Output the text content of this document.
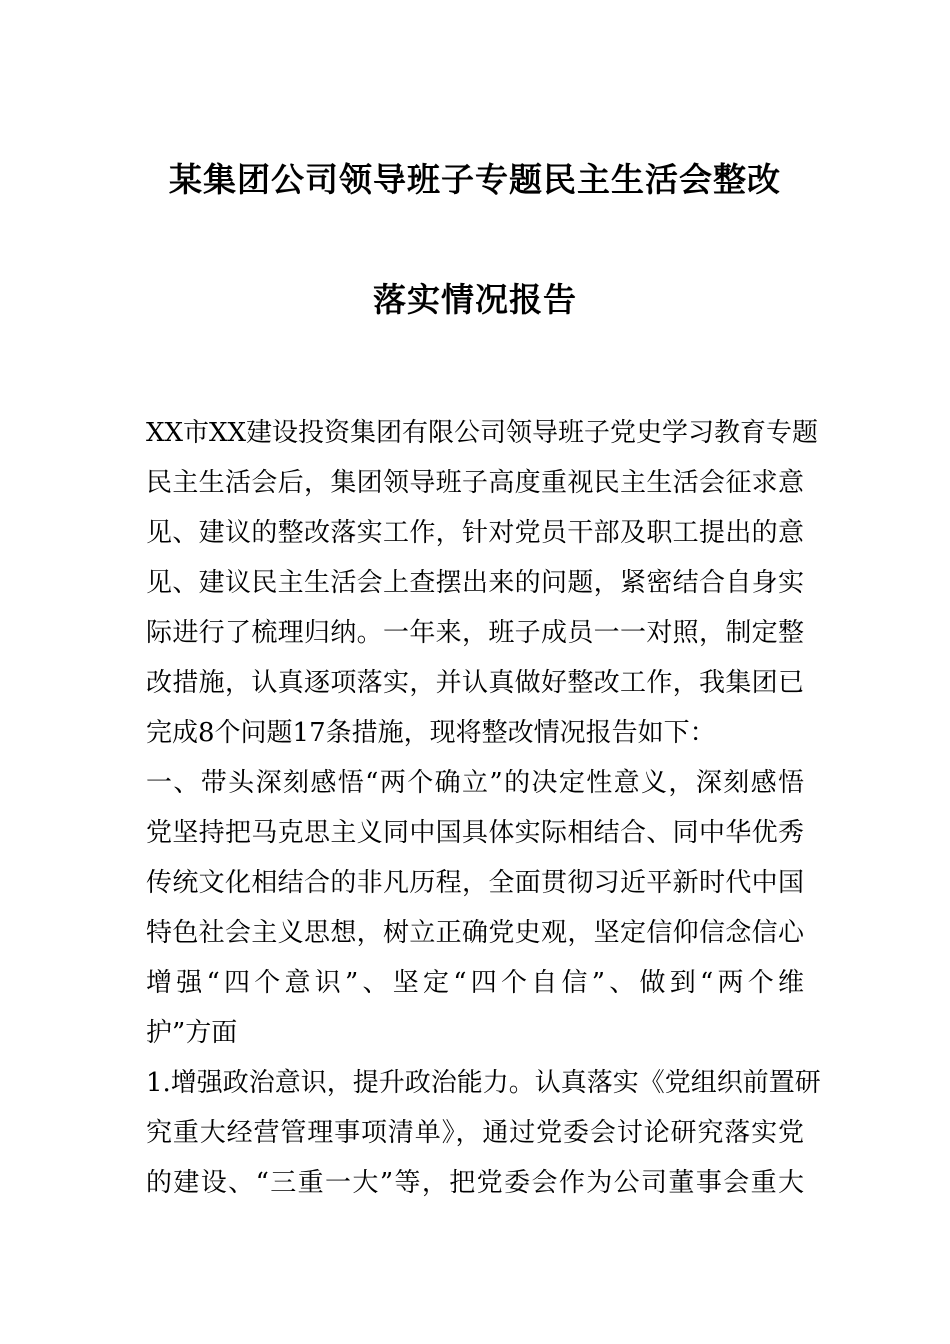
某集团公司领导班子专题民主生活会整改
落实情况报告
XX市XX建设投资集团有限公司领导班子党史学习教育专题
民主生活会后，集团领导班子高度重视民主生活会征求意
见、建议的整改落实工作，针对党员干部及职工提出的意
见、建议民主生活会上查摆出来的问题，紧密结合自身实
际进行了梳理归纳。一年来，班子成员一一对照，制定整
改措施，认真逐项落实，并认真做好整改工作，我集团已
完成8个问题17条措施，现将整改情况报告如下：
一、带头深刻感悟“两个确立”的决定性意义，深刻感悟
党坚持把马克思主义同中国具体实际相结合、同中华优秀
传统文化相结合的非凡历程，全面贯彻习近平新时代中国
特色社会主义思想，树立正确党史观，坚定信仰信念信心
增强“四个意识”、坚定“四个自信”、做到“两个维
护”方面
1.增强政治意识，提升政治能力。认真落实《党组织前置研
究重大经营管理事项清单》，通过党委会讨论研究落实党
的建设、“三重一大”等，把党委会作为公司董事会重大
